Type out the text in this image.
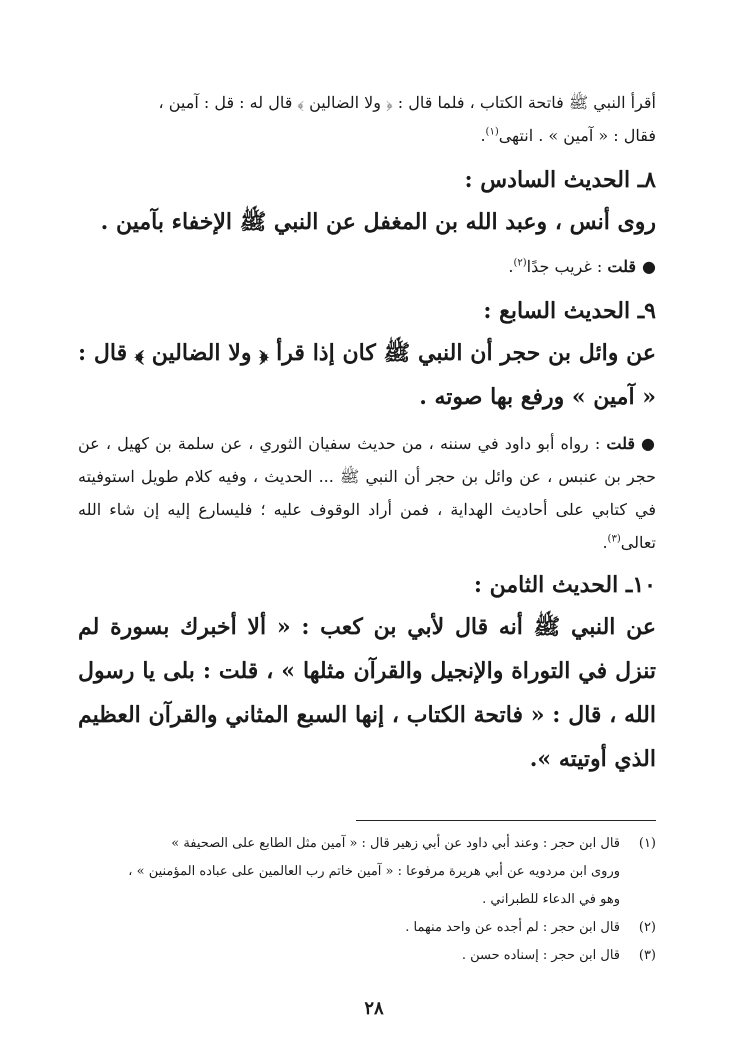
أقرأ النبي ﷺ فاتحة الكتاب ، فلما قال : ﴿ ولا الضالين ﴾ قال له : قل : آمين ،

فقال : « آمين » . انتهى$^{(١)}$.

٨ـ الحديث السادس :

روى أنس ، وعبد الله بن المغفل عن النبي ﷺ الإخفاء بآمين .

●قلت : غريب جدًا$^{(٢)}$.

٩ـ الحديث السابع :

عن وائل بن حجر أن النبي ﷺ كان إذا قرأ ﴿ ولا الضالين ﴾ قال : « آمين » ورفع بها صوته .

●قلت : رواه أبو داود في سننه ، من حديث سفيان الثوري ، عن سلمة بن كهيل ، عن حجر بن عنبس ، عن وائل بن حجر أن النبي ﷺ ... الحديث ، وفيه كلام طويل استوفيته في كتابي على أحاديث الهداية ، فمن أراد الوقوف عليه ؛ فليسارع إليه إن شاء الله تعالى$^{(٣)}$.

١٠ـ الحديث الثامن :

عن النبي ﷺ أنه قال لأبي بن كعب : « ألا أخبرك بسورة لم تنزل في التوراة والإنجيل والقرآن مثلها » ، قلت : بلى يا رسول الله ، قال : « فاتحة الكتاب ، إنها السبع المثاني والقرآن العظيم الذي أوتيته ».

(١)
قال ابن حجر : وعند أبي داود عن أبي زهير قال : « آمين مثل الطابع على الصحيفة »
وروى ابن مردويه عن أبي هريرة مرفوعا : « آمين خاتم رب العالمين على عباده المؤمنين » ،
وهو في الدعاء للطبراني .
(٢)
قال ابن حجر : لم أجده عن واحد منهما .
(٣)
قال ابن حجر : إسناده حسن .
٢٨
